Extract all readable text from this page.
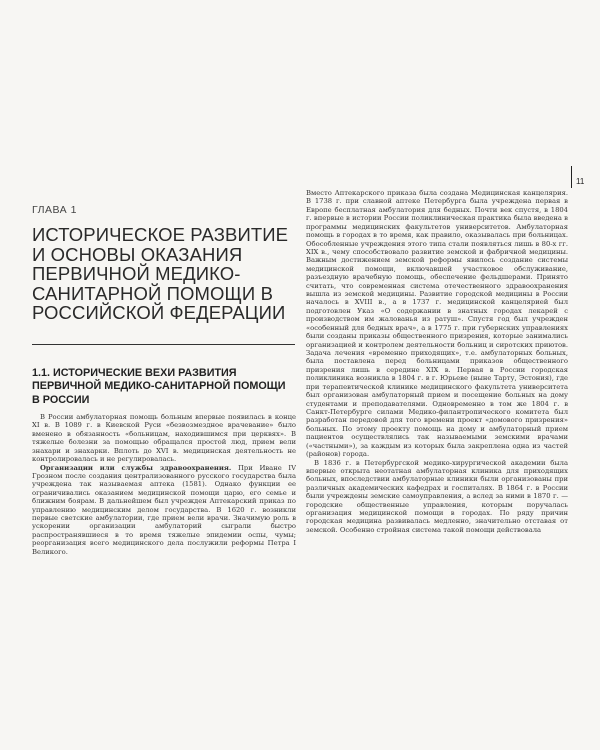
11
ГЛАВА 1
ИСТОРИЧЕСКОЕ РАЗВИТИЕ И ОСНОВЫ ОКАЗАНИЯ ПЕРВИЧНОЙ МЕДИКО-САНИТАРНОЙ ПОМОЩИ В РОССИЙСКОЙ ФЕДЕРАЦИИ
1.1. ИСТОРИЧЕСКИЕ ВЕХИ РАЗВИТИЯ ПЕРВИЧНОЙ МЕДИКО-САНИТАРНОЙ ПОМОЩИ В РОССИИ

В России амбулаторная помощь больным впервые появилась в конце XI в. В 1089 г. в Киевской Руси «безвозмездное врачевание» было вменено в обязанность «больницам, находившимся при церквях». В тяжелые болезни за помощью обращался простой люд, прием вели знахари и знахарки. Вплоть до XVI в. медицинская деятельность не контролировалась и не регулировалась.

Организации или службы здравоохранения. При Иване IV Грозном после создания централизованного русского государства была учреждена так называемая аптека (1581). Однако функции ее ограничивались оказанием медицинской помощи царю, его семье и ближним боярам. В дальнейшем был учрежден Аптекарский приказ по управлению медицинским делом государства. В 1620 г. возникли первые светские амбулатории, где прием вели врачи. Значимую роль в ускорении организации амбулаторий сыграли быстро распространявшиеся в то время тяжелые эпидемии оспы, чумы; реорганизация всего медицинского дела послужили реформы Петра I Великого.

Вместо Аптекарского приказа была создана Медицинская канцелярия. В 1738 г. при славной аптеке Петербурга была учреждена первая в Европе бесплатная амбулатория для бедных. Почти век спустя, в 1804 г. впервые в истории России поликлиническая практика была введена в программы медицинских факультетов университетов. Амбулаторная помощь в городах в то время, как правило, оказывалась при больницах. Обособленные учреждения этого типа стали появляться лишь в 80-х гг. XIX в., чему способствовало развитие земской и фабричной медицины. Важным достижением земской реформы явилось создание системы медицинской помощи, включавшей участковое обслуживание, разъездную врачебную помощь, обеспечение фельдшерами. Принято считать, что современная система отечественного здравоохранения вышла из земской медицины. Развитие городской медицины в России началось в XVIII в., а в 1737 г. медицинской канцелярией был подготовлен Указ «О содержании в знатных городах лекарей с производством им жалованья из ратуш». Спустя год был учрежден «особенный для бедных врач», а в 1775 г. при губернских управлениях были созданы приказы общественного призрения, которые занимались организацией и контролем деятельности больниц и сиротских приютов. Задача лечения «временно приходящих», т.е. амбулаторных больных, была поставлена перед больницами приказов общественного призрения лишь в середине XIX в. Первая в России городская поликлиника возникла в 1804 г. в г. Юрьеве (ныне Тарту, Эстония), где при терапевтической клинике медицинского факультета университета был организован амбулаторный прием и посещение больных на дому студентами и преподавателями. Одновременно в том же 1804 г. в Санкт-Петербурге силами Медико-филантропического комитета был разработан передовой для того времени проект «домового призрения» больных. По этому проекту помощь на дому и амбулаторный прием пациентов осуществлялись так называемыми земскими врачами («частными»), за каждым из которых была закреплена одна из частей (районов) города.

В 1836 г. в Петербургской медико-хирургической академии была впервые открыта неотатная амбулаторная клиника для приходящих больных, впоследствии амбулаторные клиники были организованы при различных академических кафедрах и госпиталях. В 1864 г. в России были учреждены земские самоуправления, а вслед за ними в 1870 г. — городские общественные управления, которым поручалась организация медицинской помощи в городах. По ряду причин городская медицина развивалась медленно, значительно отставая от земской. Особенно стройная система такой помощи действовала
